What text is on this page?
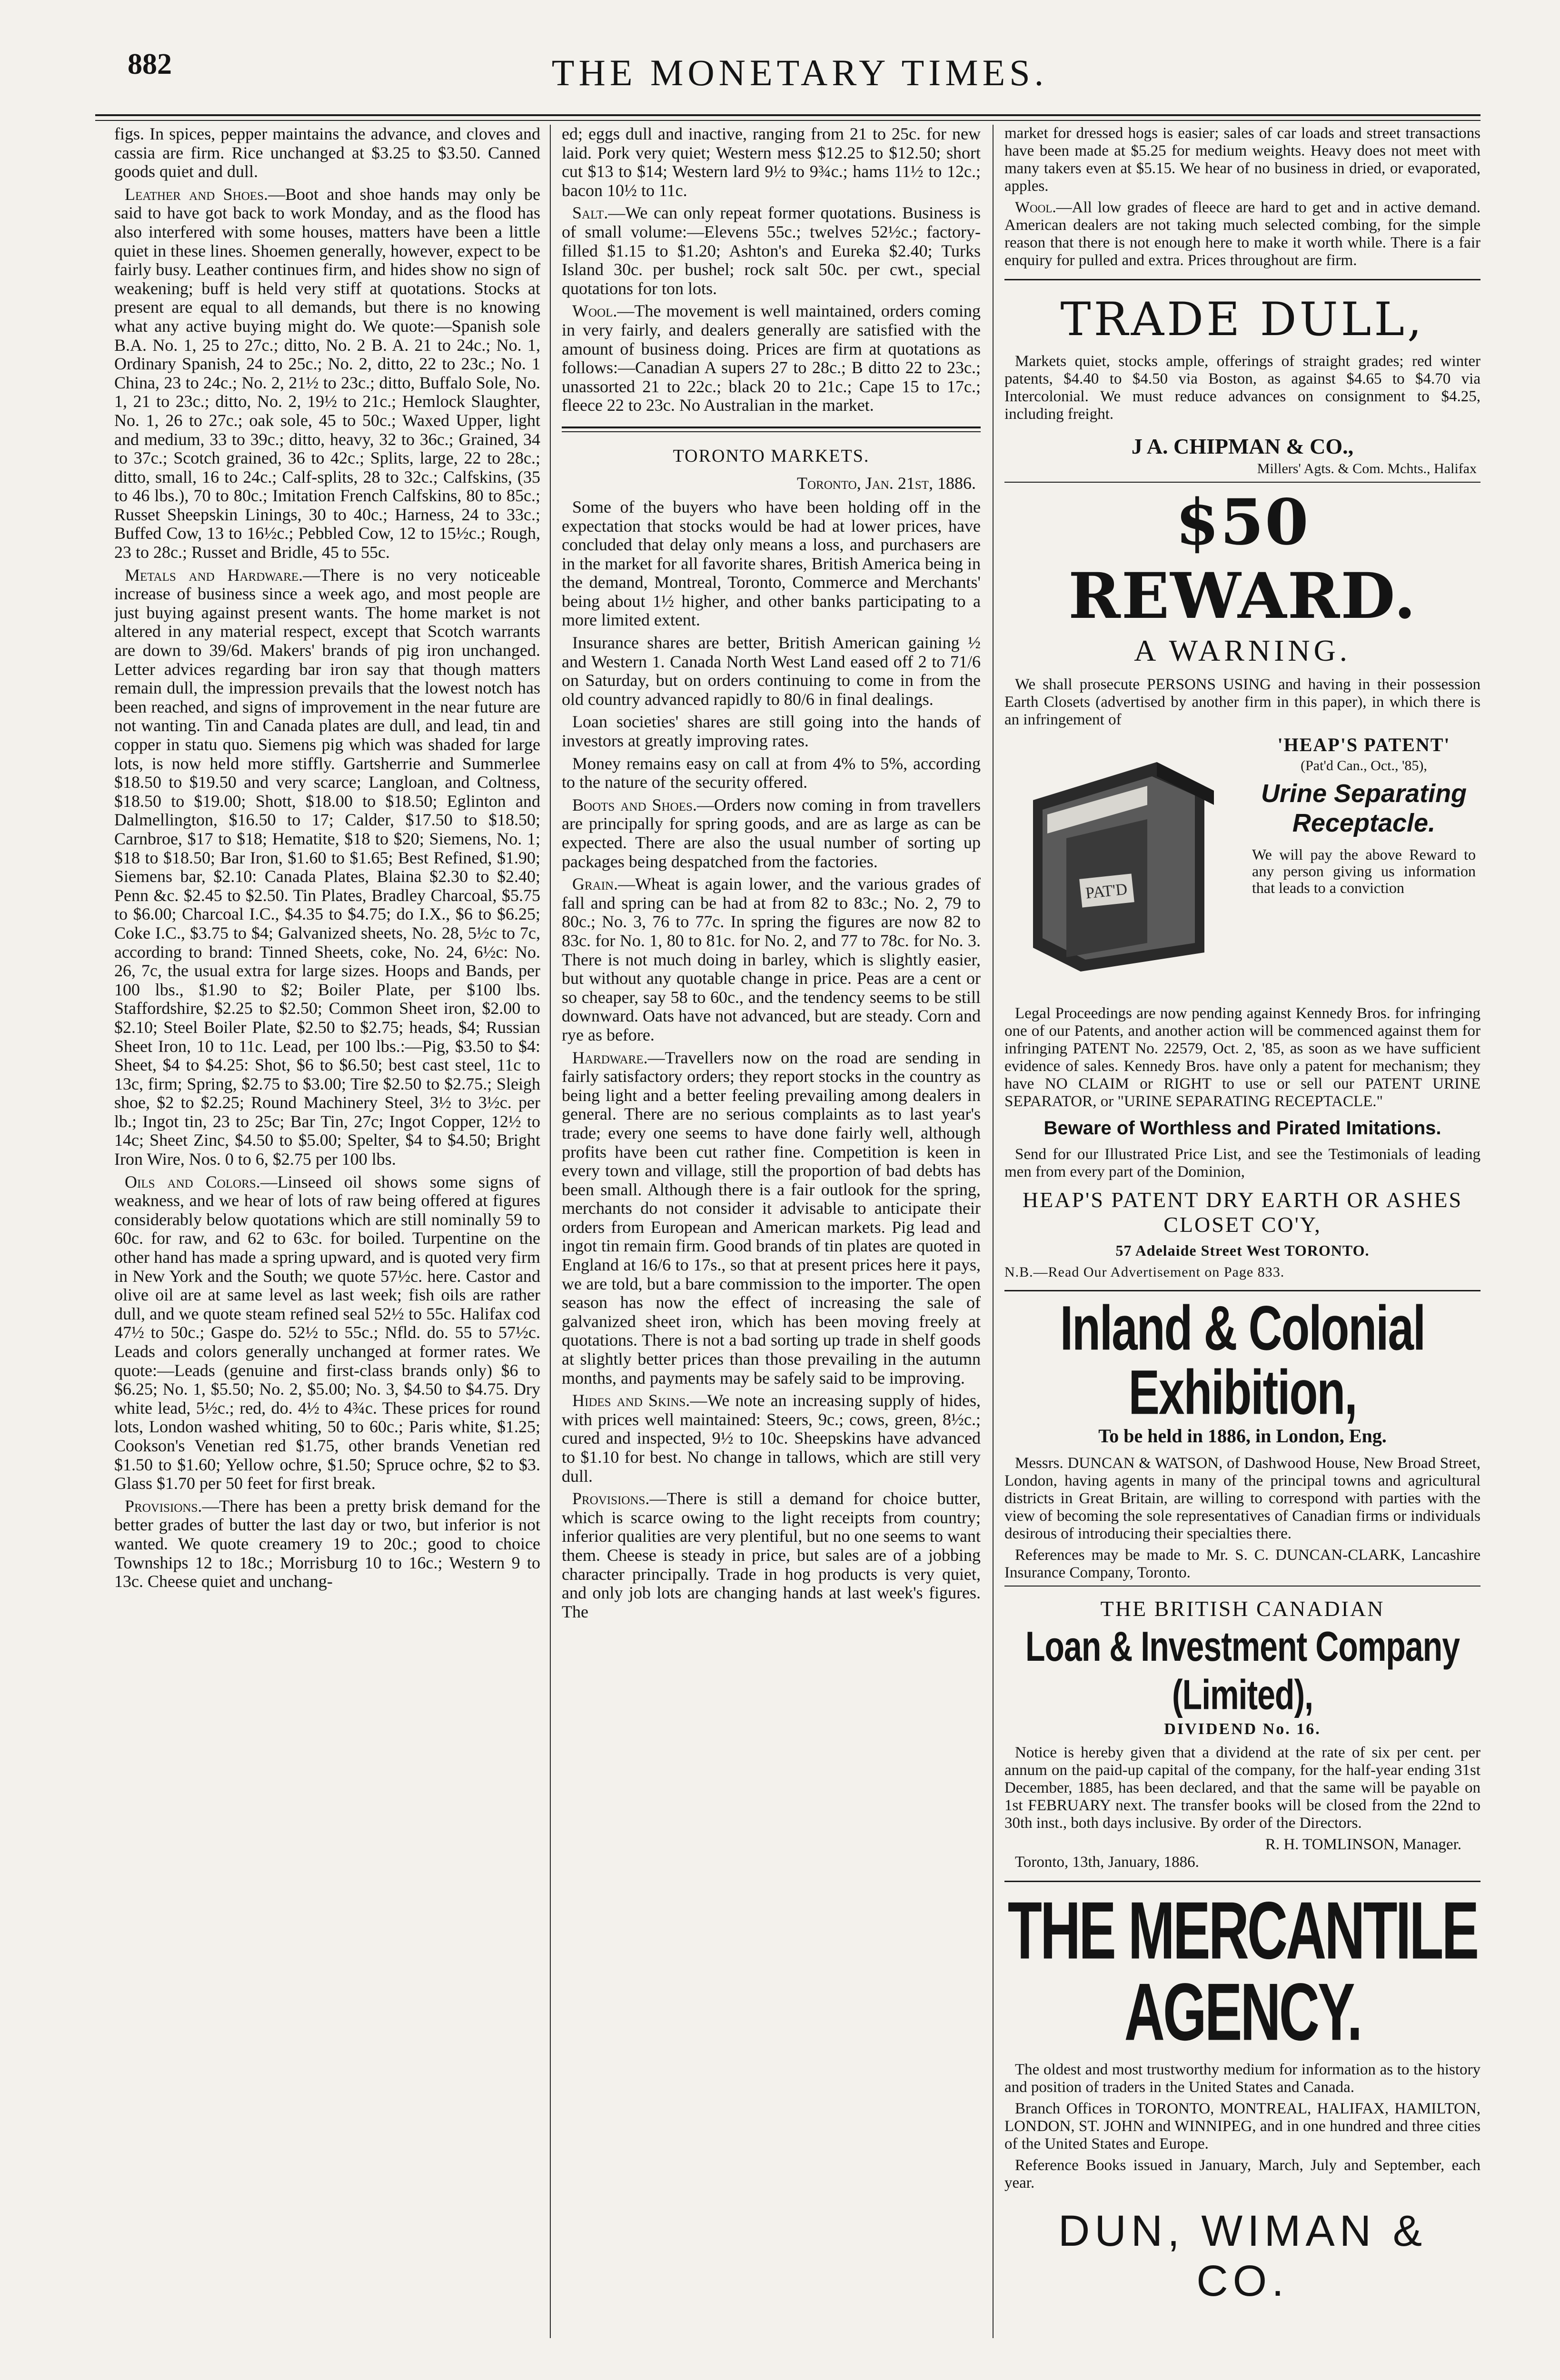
882	THE MONETARY TIMES.

figs. In spices, pepper maintains the advance, and cloves and cassia are firm. Rice unchanged at $3.25 to $3.50. Canned goods quiet and dull.

Leather and Shoes.—Boot and shoe hands may only be said to have got back to work Monday, and as the flood has also interfered with some houses, matters have been a little quiet in these lines. Shoemen generally, however, expect to be fairly busy. Leather continues firm, and hides show no sign of weakening; buff is held very stiff at quotations. Stocks at present are equal to all demands, but there is no knowing what any active buying might do. We quote:—Spanish sole B.A. No. 1, 25 to 27c.; ditto, No. 2 B. A. 21 to 24c.; No. 1, Ordinary Spanish, 24 to 25c.; No. 2, ditto, 22 to 23c.; No. 1 China, 23 to 24c.; No. 2, 21½ to 23c.; ditto, Buffalo Sole, No. 1, 21 to 23c.; ditto, No. 2, 19½ to 21c.; Hemlock Slaughter, No. 1, 26 to 27c.; oak sole, 45 to 50c.; Waxed Upper, light and medium, 33 to 39c.; ditto, heavy, 32 to 36c.; Grained, 34 to 37c.; Scotch grained, 36 to 42c.; Splits, large, 22 to 28c.; ditto, small, 16 to 24c.; Calf-splits, 28 to 32c.; Calfskins, (35 to 46 lbs.), 70 to 80c.; Imitation French Calfskins, 80 to 85c.; Russet Sheepskin Linings, 30 to 40c.; Harness, 24 to 33c.; Buffed Cow, 13 to 16½c.; Pebbled Cow, 12 to 15½c.; Rough, 23 to 28c.; Russet and Bridle, 45 to 55c.

Metals and Hardware.—There is no very noticeable increase of business since a week ago, and most people are just buying against present wants. The home market is not altered in any material respect, except that Scotch warrants are down to 39/6d. Makers' brands of pig iron unchanged. Letter advices regarding bar iron say that though matters remain dull, the impression prevails that the lowest notch has been reached, and signs of improvement in the near future are not wanting. Tin and Canada plates are dull, and lead, tin and copper in statu quo. Siemens pig which was shaded for large lots, is now held more stiffly. Gartsherrie and Summerlee $18.50 to $19.50 and very scarce; Langloan, and Coltness, $18.50 to $19.00; Shott, $18.00 to $18.50; Eglinton and Dalmellington, $16.50 to 17; Calder, $17.50 to $18.50; Carnbroe, $17 to $18; Hematite, $18 to $20; Siemens, No. 1; $18 to $18.50; Bar Iron, $1.60 to $1.65; Best Refined, $1.90; Siemens bar, $2.10: Canada Plates, Blaina $2.30 to $2.40; Penn &c. $2.45 to $2.50. Tin Plates, Bradley Charcoal, $5.75 to $6.00; Charcoal I.C., $4.35 to $4.75; do I.X., $6 to $6.25; Coke I.C., $3.75 to $4; Galvanized sheets, No. 28, 5½c to 7c, according to brand: Tinned Sheets, coke, No. 24, 6½c: No. 26, 7c, the usual extra for large sizes. Hoops and Bands, per 100 lbs., $1.90 to $2; Boiler Plate, per $100 lbs. Staffordshire, $2.25 to $2.50; Common Sheet iron, $2.00 to $2.10; Steel Boiler Plate, $2.50 to $2.75; heads, $4; Russian Sheet Iron, 10 to 11c. Lead, per 100 lbs.:—Pig, $3.50 to $4: Sheet, $4 to $4.25: Shot, $6 to $6.50; best cast steel, 11c to 13c, firm; Spring, $2.75 to $3.00; Tire $2.50 to $2.75.; Sleigh shoe, $2 to $2.25; Round Machinery Steel, 3½ to 3½c. per lb.; Ingot tin, 23 to 25c; Bar Tin, 27c; Ingot Copper, 12½ to 14c; Sheet Zinc, $4.50 to $5.00; Spelter, $4 to $4.50; Bright Iron Wire, Nos. 0 to 6, $2.75 per 100 lbs.

Oils and Colors.—Linseed oil shows some signs of weakness, and we hear of lots of raw being offered at figures considerably below quotations which are still nominally 59 to 60c. for raw, and 62 to 63c. for boiled. Turpentine on the other hand has made a spring upward, and is quoted very firm in New York and the South; we quote 57½c. here. Castor and olive oil are at same level as last week; fish oils are rather dull, and we quote steam refined seal 52½ to 55c. Halifax cod 47½ to 50c.; Gaspe do. 52½ to 55c.; Nfld. do. 55 to 57½c. Leads and colors generally unchanged at former rates. We quote:—Leads (genuine and first-class brands only) $6 to $6.25; No. 1, $5.50; No. 2, $5.00; No. 3, $4.50 to $4.75. Dry white lead, 5½c.; red, do. 4½ to 4¾c. These prices for round lots, London washed whiting, 50 to 60c.; Paris white, $1.25; Cookson's Venetian red $1.75, other brands Venetian red $1.50 to $1.60; Yellow ochre, $1.50; Spruce ochre, $2 to $3. Glass $1.70 per 50 feet for first break.

Provisions.—There has been a pretty brisk demand for the better grades of butter the last day or two, but inferior is not wanted. We quote creamery 19 to 20c.; good to choice Townships 12 to 18c.; Morrisburg 10 to 16c.; Western 9 to 13c. Cheese quiet and unchang-

ed; eggs dull and inactive, ranging from 21 to 25c. for new laid. Pork very quiet; Western mess $12.25 to $12.50; short cut $13 to $14; Western lard 9½ to 9¾c.; hams 11½ to 12c.; bacon 10½ to 11c.

Salt.—We can only repeat former quotations. Business is of small volume:—Elevens 55c.; twelves 52½c.; factory-filled $1.15 to $1.20; Ashton's and Eureka $2.40; Turks Island 30c. per bushel; rock salt 50c. per cwt., special quotations for ton lots.

Wool.—The movement is well maintained, orders coming in very fairly, and dealers generally are satisfied with the amount of business doing. Prices are firm at quotations as follows:—Canadian A supers 27 to 28c.; B ditto 22 to 23c.; unassorted 21 to 22c.; black 20 to 21c.; Cape 15 to 17c.; fleece 22 to 23c. No Australian in the market.

TORONTO MARKETS.
Toronto, Jan. 21st, 1886.

Some of the buyers who have been holding off in the expectation that stocks would be had at lower prices, have concluded that delay only means a loss, and purchasers are in the market for all favorite shares, British America being in the demand, Montreal, Toronto, Commerce and Merchants' being about 1½ higher, and other banks participating to a more limited extent.

Insurance shares are better, British American gaining ½ and Western 1. Canada North West Land eased off 2 to 71/6 on Saturday, but on orders continuing to come in from the old country advanced rapidly to 80/6 in final dealings.

Loan societies' shares are still going into the hands of investors at greatly improving rates.

Money remains easy on call at from 4% to 5%, according to the nature of the security offered.

Boots and Shoes.—Orders now coming in from travellers are principally for spring goods, and are as large as can be expected. There are also the usual number of sorting up packages being despatched from the factories.

Grain.—Wheat is again lower, and the various grades of fall and spring can be had at from 82 to 83c.; No. 2, 79 to 80c.; No. 3, 76 to 77c. In spring the figures are now 82 to 83c. for No. 1, 80 to 81c. for No. 2, and 77 to 78c. for No. 3. There is not much doing in barley, which is slightly easier, but without any quotable change in price. Peas are a cent or so cheaper, say 58 to 60c., and the tendency seems to be still downward. Oats have not advanced, but are steady. Corn and rye as before.

Hardware.—Travellers now on the road are sending in fairly satisfactory orders; they report stocks in the country as being light and a better feeling prevailing among dealers in general. There are no serious complaints as to last year's trade; every one seems to have done fairly well, although profits have been cut rather fine. Competition is keen in every town and village, still the proportion of bad debts has been small. Although there is a fair outlook for the spring, merchants do not consider it advisable to anticipate their orders from European and American markets. Pig lead and ingot tin remain firm. Good brands of tin plates are quoted in England at 16/6 to 17s., so that at present prices here it pays, we are told, but a bare commission to the importer. The open season has now the effect of increasing the sale of galvanized sheet iron, which has been moving freely at quotations. There is not a bad sorting up trade in shelf goods at slightly better prices than those prevailing in the autumn months, and payments may be safely said to be improving.

Hides and Skins.—We note an increasing supply of hides, with prices well maintained: Steers, 9c.; cows, green, 8½c.; cured and inspected, 9½ to 10c. Sheepskins have advanced to $1.10 for best. No change in tallows, which are still very dull.

Provisions.—There is still a demand for choice butter, which is scarce owing to the light receipts from country; inferior qualities are very plentiful, but no one seems to want them. Cheese is steady in price, but sales are of a jobbing character principally. Trade in hog products is very quiet, and only job lots are changing hands at last week's figures. The

market for dressed hogs is easier; sales of car loads and street transactions have been made at $5.25 for medium weights. Heavy does not meet with many takers even at $5.15. We hear of no business in dried, or evaporated, apples.

Wool.—All low grades of fleece are hard to get and in active demand. American dealers are not taking much selected combing, for the simple reason that there is not enough here to make it worth while. There is a fair enquiry for pulled and extra. Prices throughout are firm.

TRADE DULL,

Markets quiet, stocks ample, offerings of straight grades; red winter patents, $4.40 to $4.50 via Boston, as against $4.65 to $4.70 via Intercolonial. We must reduce advances on consignment to $4.25, including freight.

J A. CHIPMAN & CO.,
Millers' Agts. & Com. Mchts., Halifax
$50 REWARD.
A WARNING.

We shall prosecute PERSONS USING and having in their possession Earth Closets (advertised by another firm in this paper), in which there is an infringement of

PAT'D
'HEAP'S PATENT'
(Pat'd Can., Oct., '85),
Urine Separating Receptacle.
We will pay the above Reward to any person giving us information that leads to a conviction

Legal Proceedings are now pending against Kennedy Bros. for infringing one of our Patents, and another action will be commenced against them for infringing PATENT No. 22579, Oct. 2, '85, as soon as we have sufficient evidence of sales. Kennedy Bros. have only a patent for mechanism; they have NO CLAIM or RIGHT to use or sell our PATENT URINE SEPARATOR, or "URINE SEPARATING RECEPTACLE."

Beware of Worthless and Pirated Imitations.

Send for our Illustrated Price List, and see the Testimonials of leading men from every part of the Dominion,

HEAP'S PATENT DRY EARTH OR ASHES CLOSET CO'Y,
57 Adelaide Street West TORONTO.
N.B.—Read Our Advertisement on Page 833.
Inland & Colonial Exhibition,
To be held in 1886, in London, Eng.

Messrs. DUNCAN & WATSON, of Dashwood House, New Broad Street, London, having agents in many of the principal towns and agricultural districts in Great Britain, are willing to correspond with parties with the view of becoming the sole representatives of Canadian firms or individuals desirous of introducing their specialties there.

References may be made to Mr. S. C. DUNCAN-CLARK, Lancashire Insurance Company, Toronto.

THE BRITISH CANADIAN
Loan & Investment Company (Limited),
DIVIDEND No. 16.

Notice is hereby given that a dividend at the rate of six per cent. per annum on the paid-up capital of the company, for the half-year ending 31st December, 1885, has been declared, and that the same will be payable on 1st FEBRUARY next. The transfer books will be closed from the 22nd to 30th inst., both days inclusive. By order of the Directors.

R. H. TOMLINSON, Manager.

Toronto, 13th, January, 1886.

THE MERCANTILE AGENCY.

The oldest and most trustworthy medium for information as to the history and position of traders in the United States and Canada.

Branch Offices in TORONTO, MONTREAL, HALIFAX, HAMILTON, LONDON, ST. JOHN and WINNIPEG, and in one hundred and three cities of the United States and Europe.

Reference Books issued in January, March, July and September, each year.

DUN, WIMAN & CO.
